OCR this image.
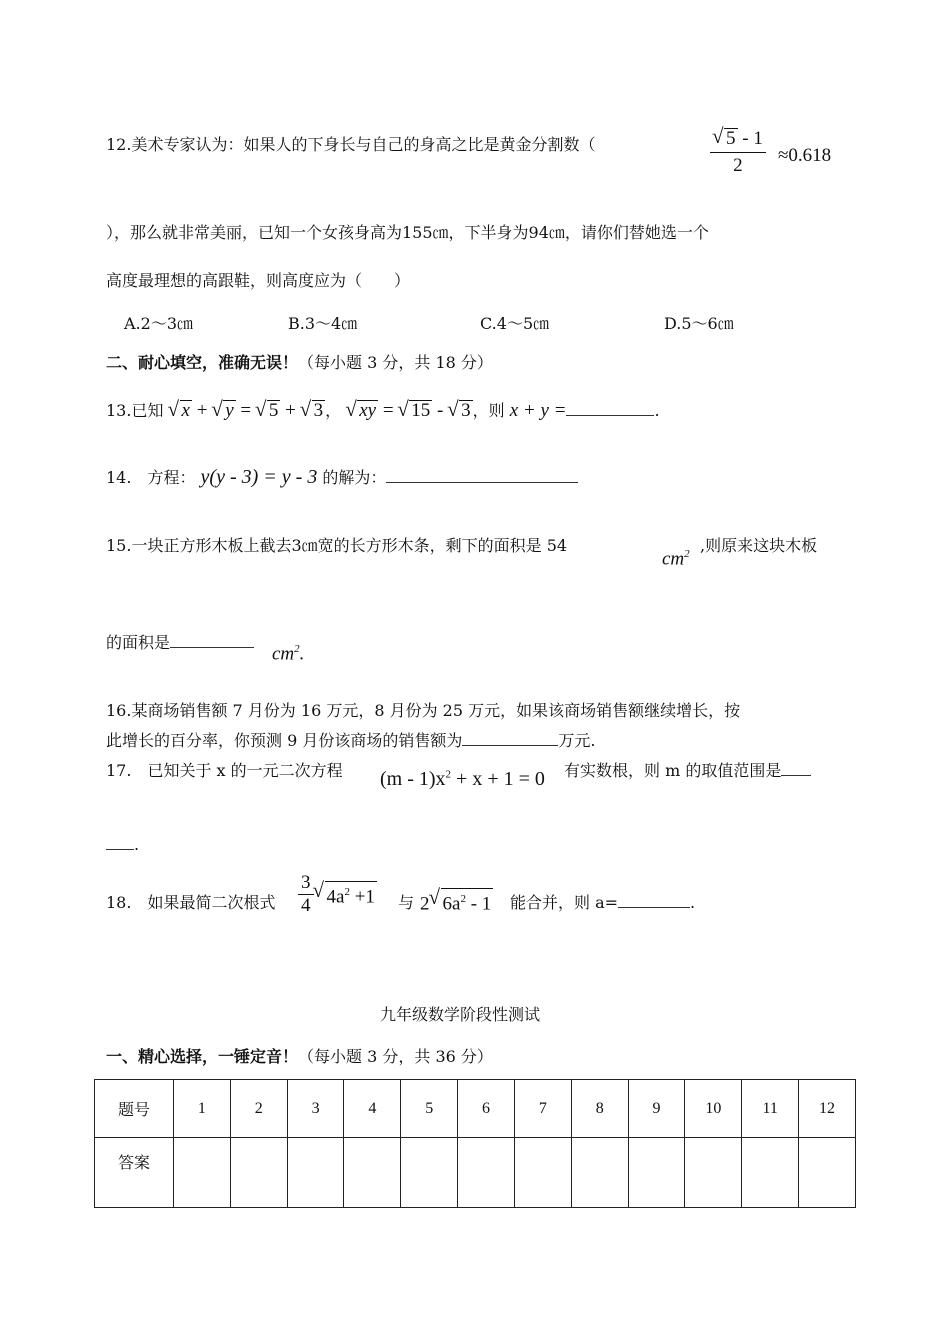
12.美术专家认为：如果人的下身长与自己的身高之比是黄金分割数（	√ $\frac{5 - 1}{2} \approx 0.618$
），那么就非常美丽，已知一个女孩身高为155㎝，下半身为94㎝，请你们替她选一个
高度最理想的高跟鞋，则高度应为（　　）
A.2～3㎝	B.3～4㎝	C.4～5㎝	D.5～6㎝
二、耐心填空，准确无误！（每小题 3 分，共 18 分）
13.已知 √ x + √ y = √ 5 + √ 3 ， √ xy = √ 15 - √ 3 ，则 x + y =	.
14.　方程： y(y - 3) = y - 3 的解为：
15.一块正方形木板上截去3㎝宽的长方形木条，剩下的面积是 54
$cm^2$ ,则原来这块木板
的面积是
$cm^2$.
16.某商场销售额 7 月份为 16 万元，8 月份为 25 万元，如果该商场销售额继续增长，按
此增长的百分率，你预测 9 月份该商场的销售额为	万元.
17.　已知关于 x 的一元二次方程 $(m - 1)x^2 + x + 1 = 0$ 有实数根，则 m 的取值范围是
.
18.　如果最简二次根式 $\frac{3}{4}$ √ $4a^2 +1$ 与 2 √ $6a^2 - 1$ 能合并，则 a=	.
九年级数学阶段性测试
一、精心选择，一锤定音！（每小题 3 分，共 36 分）
题号	1	2	3	4	5	6	7	8	9	10	11	12
答案												
